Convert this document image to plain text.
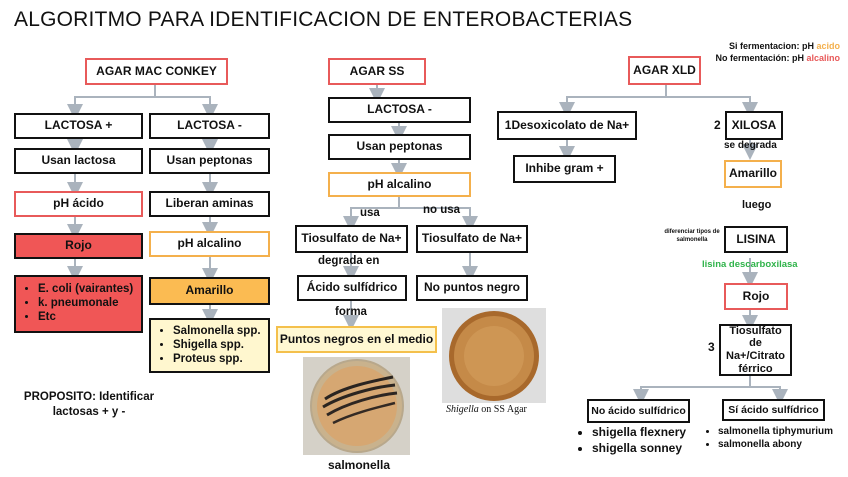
ALGORITMO PARA IDENTIFICACION DE ENTEROBACTERIAS
Si fermentacion: pH acido
No fermentación: pH alcalino
AGAR MAC CONKEY
LACTOSA +	LACTOSA -
Usan lactosa	Usan peptonas
pH ácido	Liberan aminas
Rojo	pH alcalino
• E. coli (vairantes)
• k. pneumonale
• Etc
Amarillo
• Salmonella spp.
• Shigella spp.
• Proteus spp.
PROPOSITO: Identificar lactosas + y -
AGAR SS
LACTOSA -
Usan peptonas
pH alcalino
usa	no usa
Tiosulfato de Na+ Tiosulfato de Na+
degrada en
Ácido sulfídrico No puntos negro
forma
Puntos negros en el medio
salmonella
Shigella on SS Agar
AGAR XLD
1Desoxicolato de Na+
Inhibe gram +
2 XILOSA
se degrada
Amarillo
luego
diferenciar tipos de salmonella	LISINA
lisina descarboxilasa
Rojo
3
Tiosulfato de Na+/Citrato férrico
No ácido sulfídrico	Sí ácido sulfídrico
• shigella flexnery
• shigella sonney
• salmonella tiphymurium
• salmonella abony
